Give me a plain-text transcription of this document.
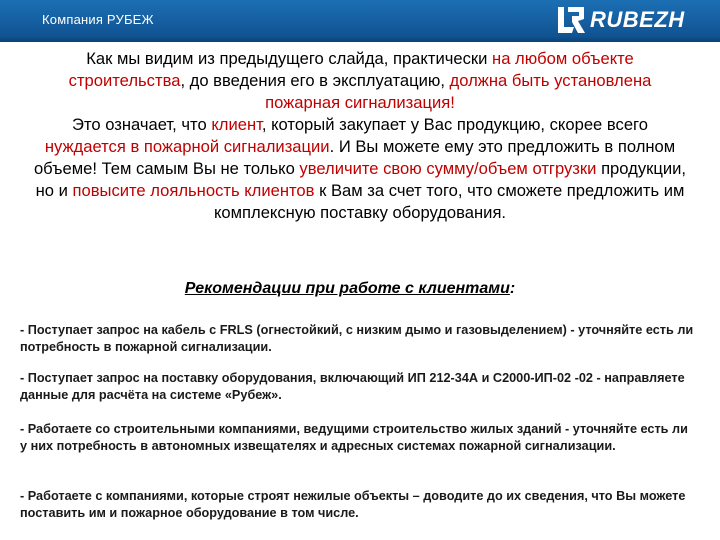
Компания РУБЕЖ	RUBEZH
Как мы видим из предыдущего слайда, практически на любом объекте строительства, до введения его в эксплуатацию, должна быть установлена пожарная сигнализация!
Это означает, что клиент, который закупает у Вас продукцию, скорее всего нуждается в пожарной сигнализации. И Вы можете ему это предложить в полном объеме! Тем самым Вы не только увеличите свою сумму/объем отгрузки продукции, но и повысите лояльность клиентов к Вам за счет того, что сможете предложить им комплексную поставку оборудования.
Рекомендации при работе с клиентами:
- Поступает запрос на кабель с FRLS (огнестойкий, с низким дымо и газовыделением) - уточняйте есть ли потребность в пожарной сигнализации.
- Поступает запрос на поставку оборудования, включающий ИП 212-34А и С2000-ИП-02 -02 - направляете данные для расчёта на системе «Рубеж».
- Работаете со строительными компаниями, ведущими строительство жилых зданий - уточняйте есть ли у них потребность в автономных извещателях и адресных системах пожарной сигнализации.
- Работаете с компаниями, которые строят нежилые объекты – доводите до их сведения, что Вы можете поставить им и пожарное оборудование в том числе.
